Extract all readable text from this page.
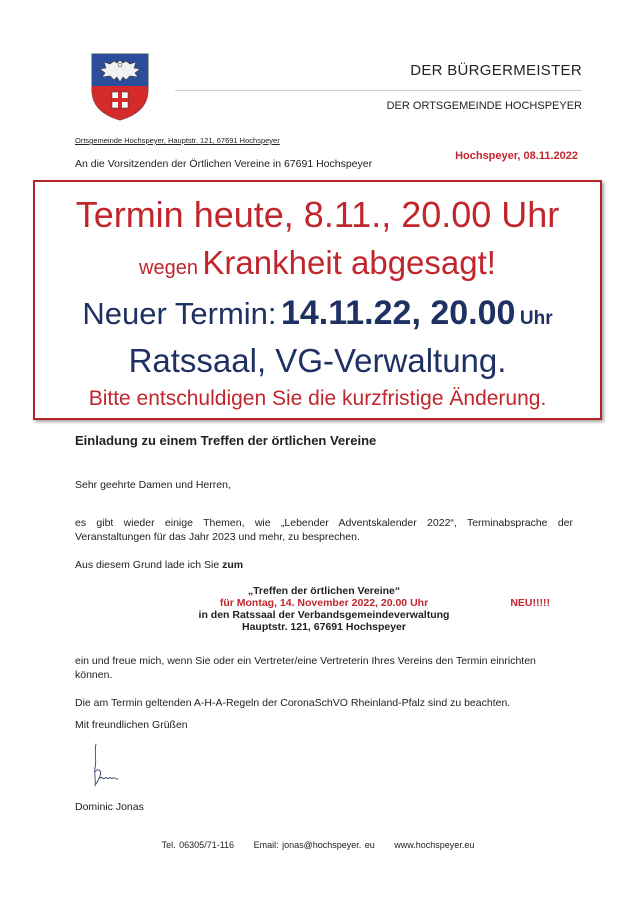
DER BÜRGERMEISTER
DER ORTSGEMEINDE HOCHSPEYER
Ortsgemeinde Hochspeyer, Hauptstr. 121, 67691 Hochspeyer
An die Vorsitzenden der Örtlichen Vereine in 67691 Hochspeyer
Hochspeyer, 08.11.2022
Termin heute, 8.11., 20.00 Uhr
wegen Krankheit abgesagt!
Neuer Termin: 14.11.22, 20.00 Uhr
Ratssaal, VG-Verwaltung.
Bitte entschuldigen Sie die kurzfristige Änderung.
Einladung zu einem Treffen der örtlichen Vereine
Sehr geehrte Damen und Herren,
es gibt wieder einige Themen, wie „Lebender Adventskalender 2022“, Terminabsprache der Veranstaltungen für das Jahr 2023 und mehr, zu besprechen.
Aus diesem Grund lade ich Sie zum
„Treffen der örtlichen Vereine“
für Montag, 14. November 2022, 20.00 Uhr
in den Ratssaal der Verbandsgemeindeverwaltung
Hauptstr. 121, 67691 Hochspeyer
NEU!!!!!
ein und freue mich, wenn Sie oder ein Vertreter/eine Vertreterin Ihres Vereins den Termin einrichten können.
Die am Termin geltenden A-H-A-Regeln der CoronaSchVO Rheinland-Pfalz sind zu beachten.
Mit freundlichen Grüßen
Dominic Jonas
Tel. 06305/71-116 Email: jonas@hochspeyer. eu www.hochspeyer.eu
